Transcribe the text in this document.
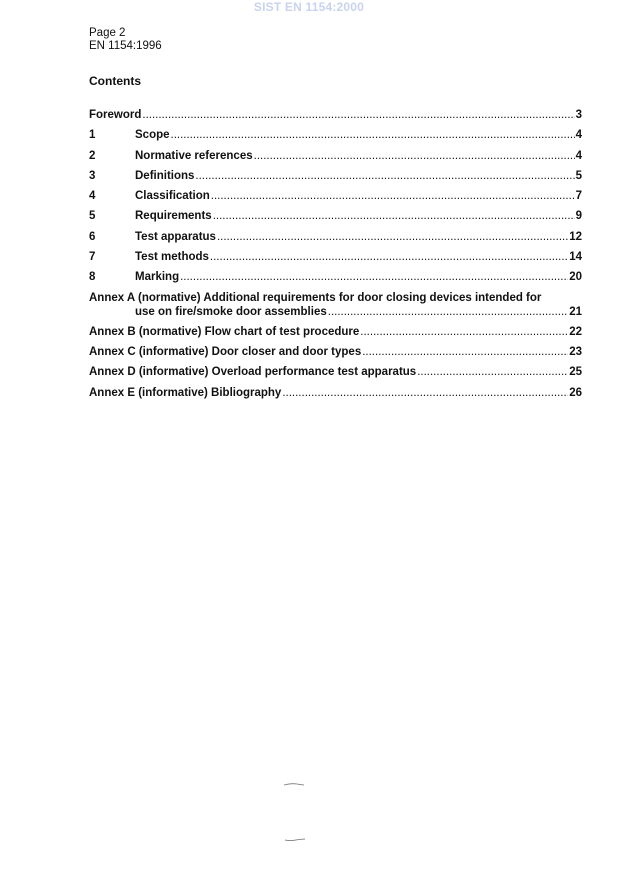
SIST EN 1154:2000
Page 2
EN 1154:1996
Contents
Foreword .....	3
1	Scope .....	4
2	Normative references .....	4
3	Definitions .....	5
4	Classification .....	7
5	Requirements .....	9
6	Test apparatus .....	12
7	Test methods .....	14
8	Marking .....	20
Annex A (normative) Additional requirements for door closing devices intended for
use on fire/smoke door assemblies .....	21
Annex B (normative) Flow chart of test procedure .....	22
Annex C (informative) Door closer and door types .....	23
Annex D (informative) Overload performance test apparatus .....	25
Annex E (informative) Bibliography .....	26
